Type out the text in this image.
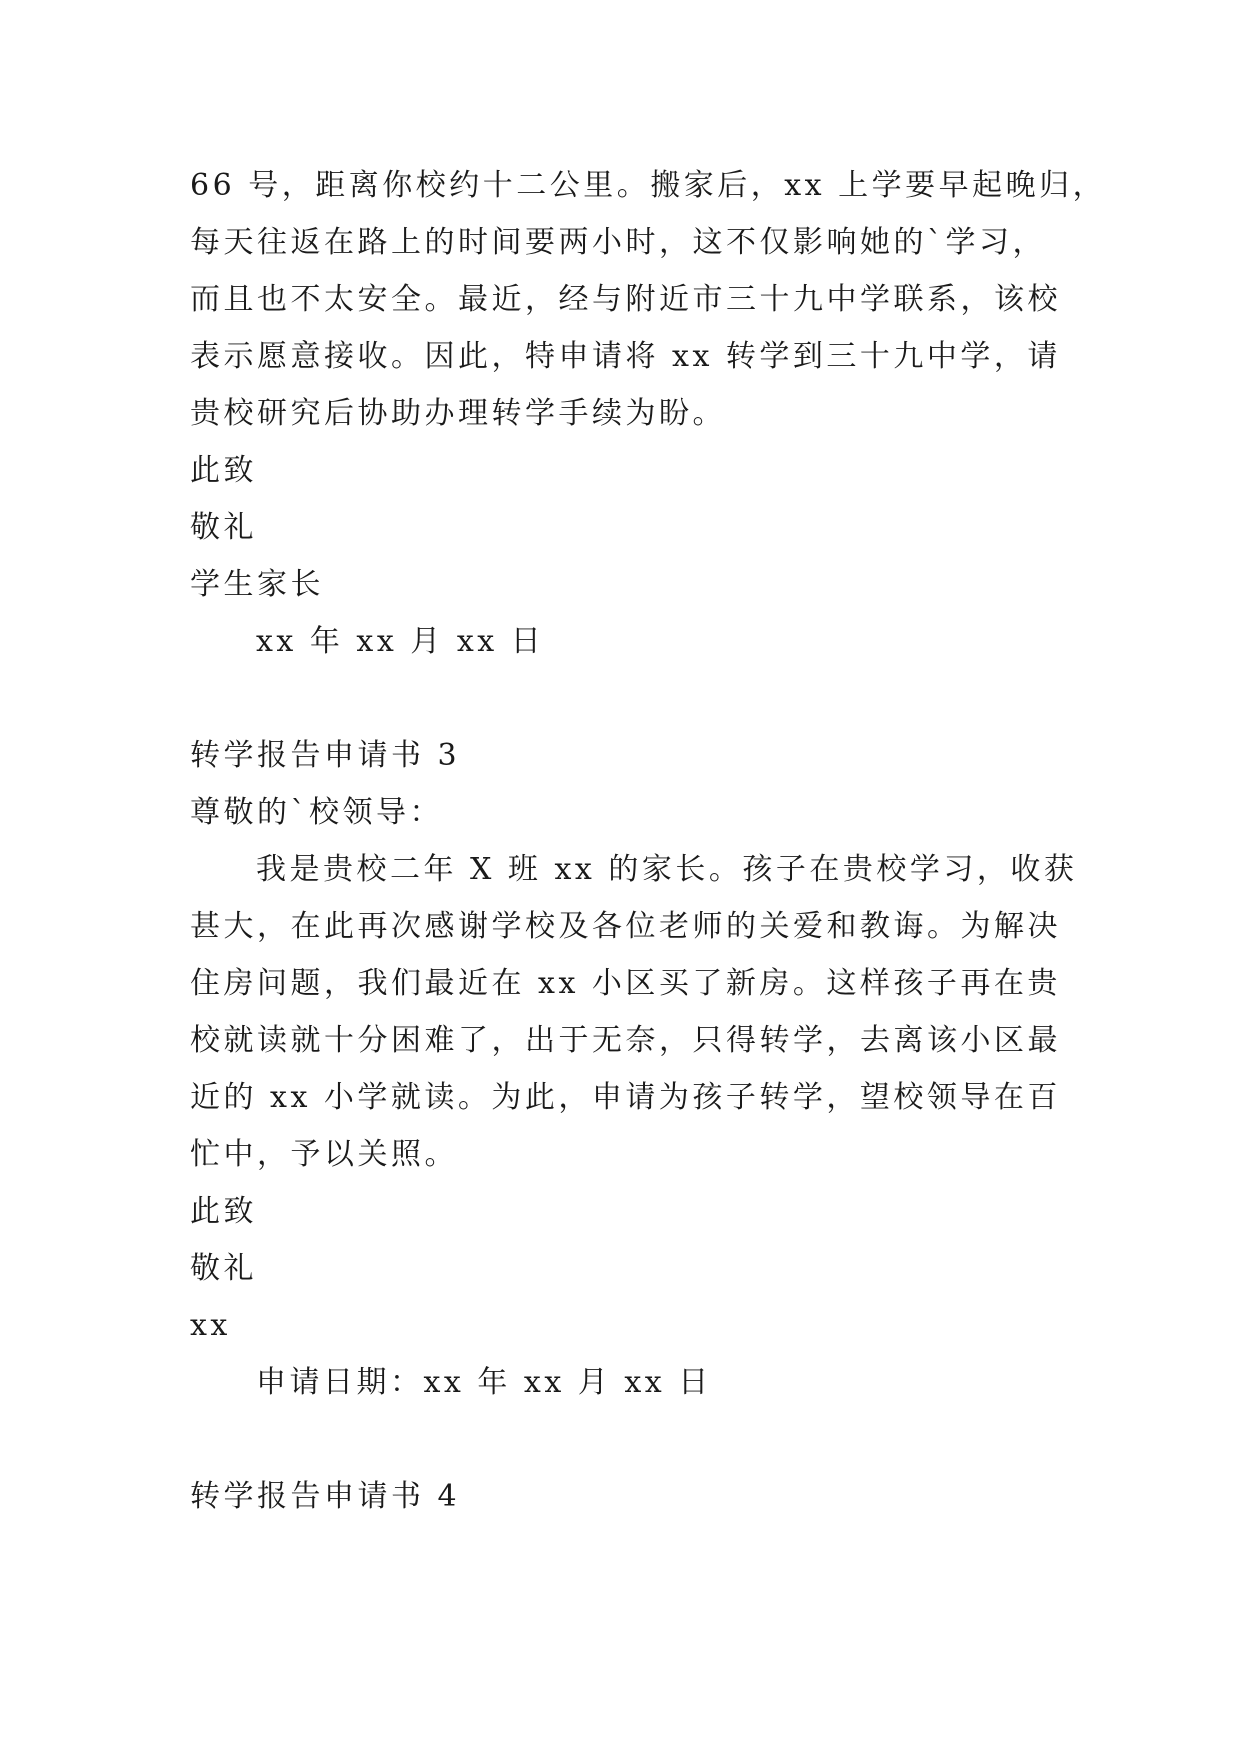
66 号，距离你校约十二公里。搬家后，xx 上学要早起晚归，
每天往返在路上的时间要两小时，这不仅影响她的`学习，
而且也不太安全。最近，经与附近市三十九中学联系，该校
表示愿意接收。因此，特申请将 xx 转学到三十九中学，请
贵校研究后协助办理转学手续为盼。
此致
敬礼
学生家长
xx 年 xx 月 xx 日
转学报告申请书 3
尊敬的`校领导：
我是贵校二年 X 班 xx 的家长。孩子在贵校学习，收获
甚大，在此再次感谢学校及各位老师的关爱和教诲。为解决
住房问题，我们最近在 xx 小区买了新房。这样孩子再在贵
校就读就十分困难了，出于无奈，只得转学，去离该小区最
近的 xx 小学就读。为此，申请为孩子转学，望校领导在百
忙中，予以关照。
此致
敬礼
xx
申请日期：xx 年 xx 月 xx 日
转学报告申请书 4
